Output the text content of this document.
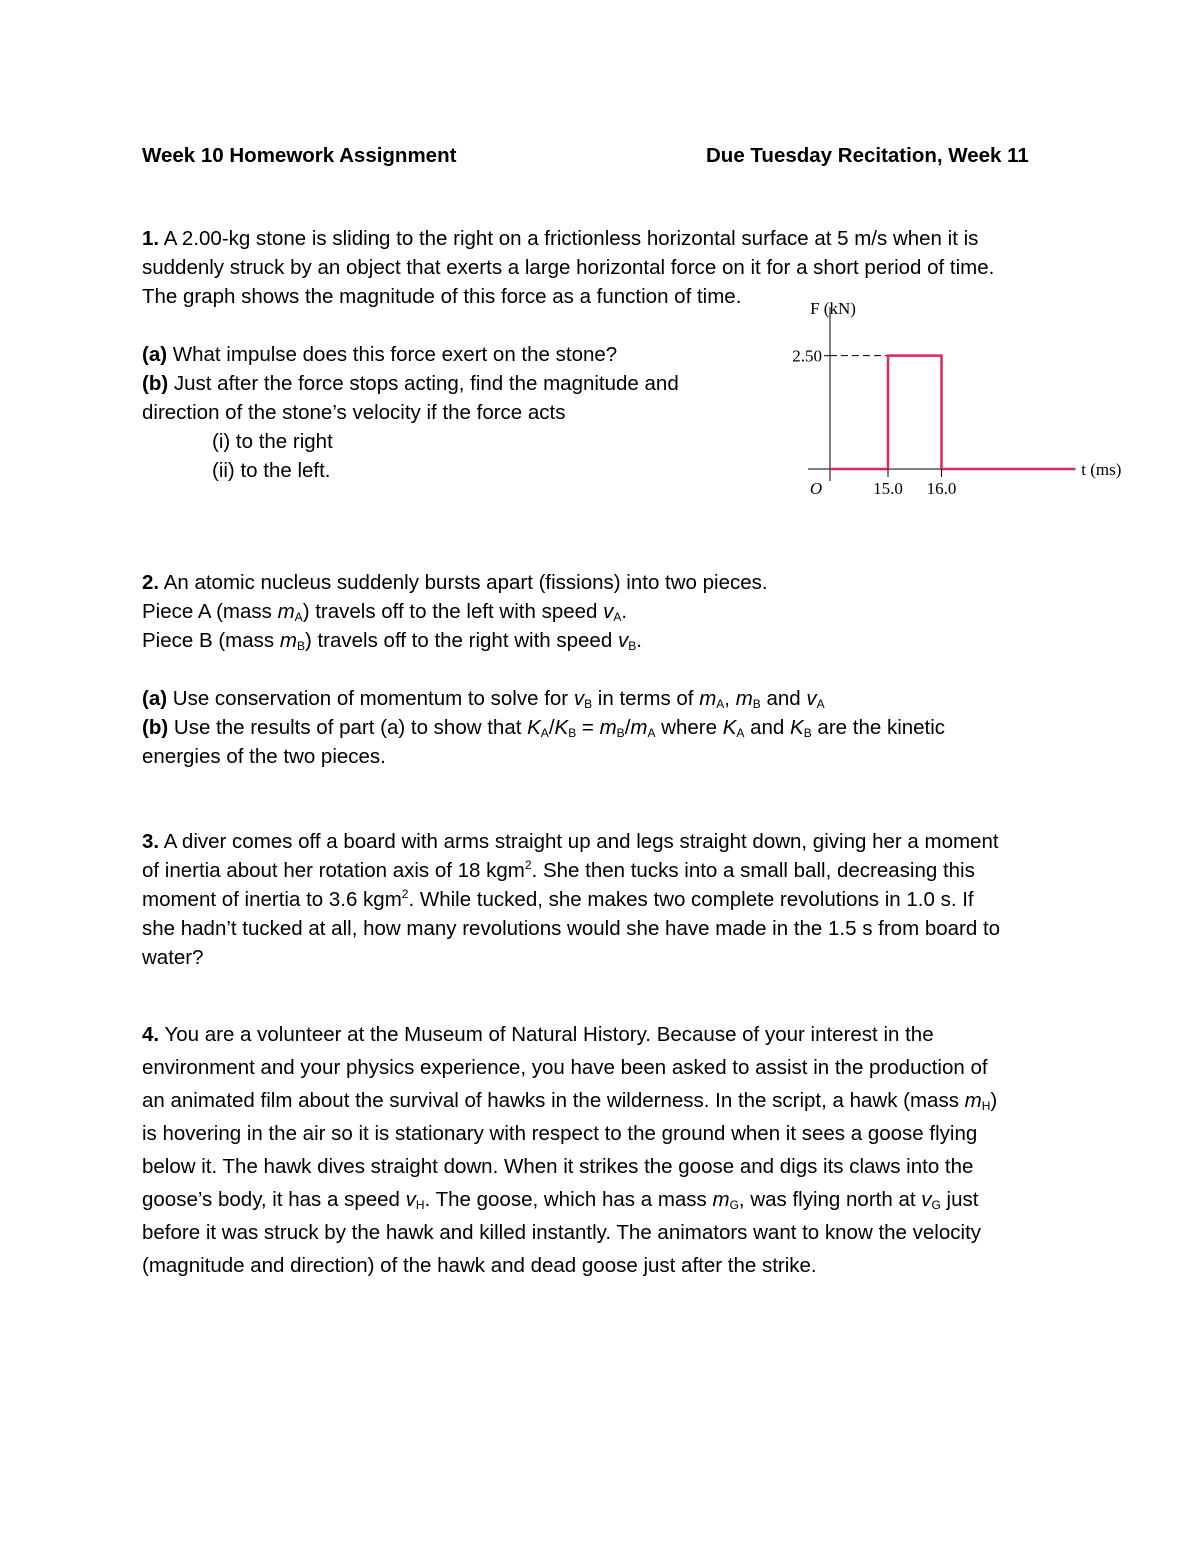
Week 10 Homework Assignment	Due Tuesday Recitation, Week 11
1. A 2.00-kg stone is sliding to the right on a frictionless horizontal surface at 5 m/s when it is
suddenly struck by an object that exerts a large horizontal force on it for a short period of time.
The graph shows the magnitude of this force as a function of time.
(a) What impulse does this force exert on the stone?
(b) Just after the force stops acting, find the magnitude and
direction of the stone’s velocity if the force acts
(i) to the right
(ii) to the left.
15.0 16.0
2.50
O
F (kN)
t (ms)
2. An atomic nucleus suddenly bursts apart (fissions) into two pieces.
Piece A (mass $m_A$) travels off to the left with speed $v_A$.
Piece B (mass $m_B$) travels off to the right with speed $v_B$.
(a) Use conservation of momentum to solve for $v_B$ in terms of $m_A$, $m_B$ and $v_A$
(b) Use the results of part (a) to show that $K_A/K_B = m_B/m_A$ where $K_A$ and $K_B$ are the kinetic
energies of the two pieces.
3. A diver comes off a board with arms straight up and legs straight down, giving her a moment
of inertia about her rotation axis of 18 kgm$^2$. She then tucks into a small ball, decreasing this
moment of inertia to 3.6 kgm$^2$. While tucked, she makes two complete revolutions in 1.0 s. If
she hadn’t tucked at all, how many revolutions would she have made in the 1.5 s from board to
water?
4. You are a volunteer at the Museum of Natural History. Because of your interest in the
environment and your physics experience, you have been asked to assist in the production of
an animated film about the survival of hawks in the wilderness. In the script, a hawk (mass $m_H$)
is hovering in the air so it is stationary with respect to the ground when it sees a goose flying
below it. The hawk dives straight down. When it strikes the goose and digs its claws into the
goose’s body, it has a speed $v_H$. The goose, which has a mass $m_G$, was flying north at $v_G$ just
before it was struck by the hawk and killed instantly. The animators want to know the velocity
(magnitude and direction) of the hawk and dead goose just after the strike.
